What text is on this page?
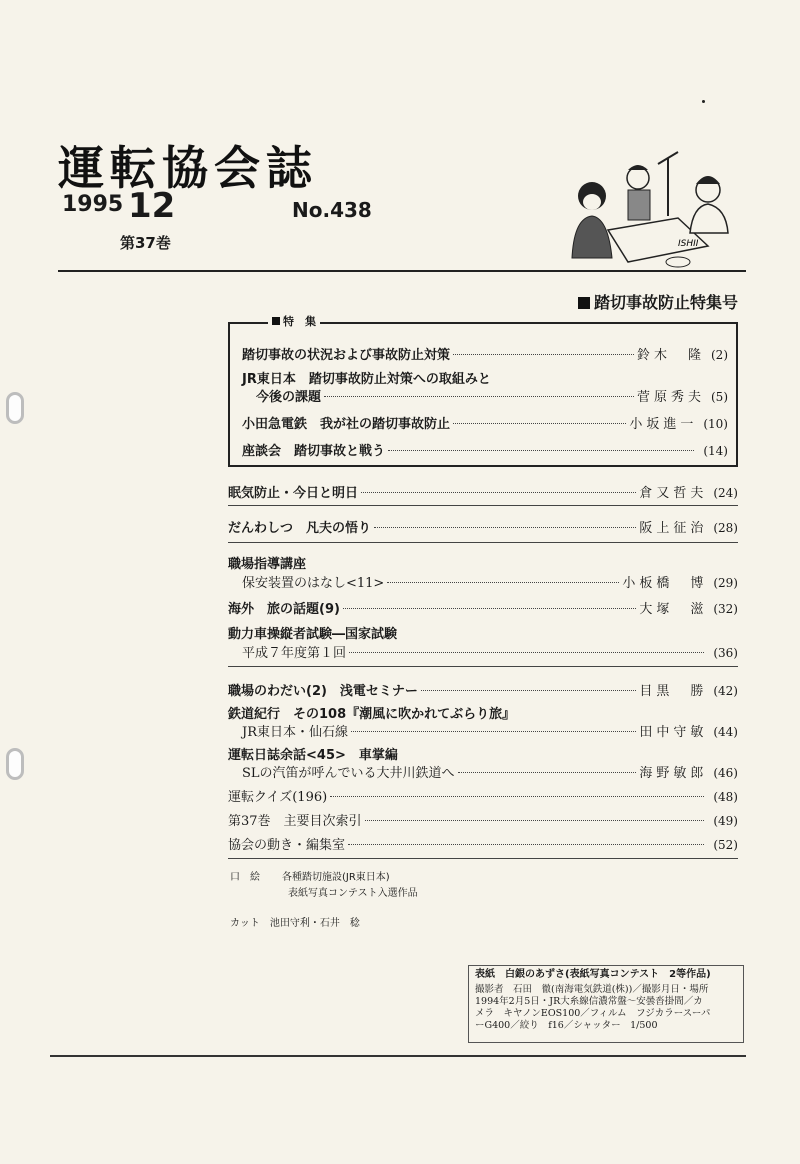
運転協会誌
1995 12
第37巻
No.438
ISHII
踏切事故防止特集号
特　集
踏切事故の状況および事故防止対策	鈴木　隆 (2)
JR東日本　踏切事故防止対策への取組みと
今後の課題	菅原秀夫 (5)
小田急電鉄　我が社の踏切事故防止	小坂進一 (10)
座談会　踏切事故と戦う	(14)
眠気防止・今日と明日	倉又哲夫 (24)
だんわしつ　凡夫の悟り	阪上征治 (28)
職場指導講座
保安装置のはなし<11>	小板橋　博 (29)
海外　旅の話題(9)	大塚　滋 (32)
動力車操縦者試験―国家試験
平成７年度第１回	(36)
職場のわだい(2)　浅電セミナー	目黒　勝 (42)
鉄道紀行　その108『潮風に吹かれてぶらり旅』
JR東日本・仙石線	田中守敏 (44)
運転日誌余話<45>　車掌編
SLの汽笛が呼んでいる大井川鉄道へ	海野敏郎 (46)
運転クイズ(196)	(48)
第37巻　主要目次索引	(49)
協会の動き・編集室	(52)
口　絵 各種踏切施設(JR東日本)
表紙写真コンテスト入選作品
カット　池田守利・石井　稔
表紙　白銀のあずさ(表紙写真コンテスト　2等作品)
撮影者　石田　徹(南海電気鉄道(株))／撮影月日・場所
1994年2月5日・JR大糸線信濃常盤～安曇沓掛間／カ
メラ　キヤノンEOS100／フィルム　フジカラースーパ
ーG400／絞り　f16／シャッター　1/500
